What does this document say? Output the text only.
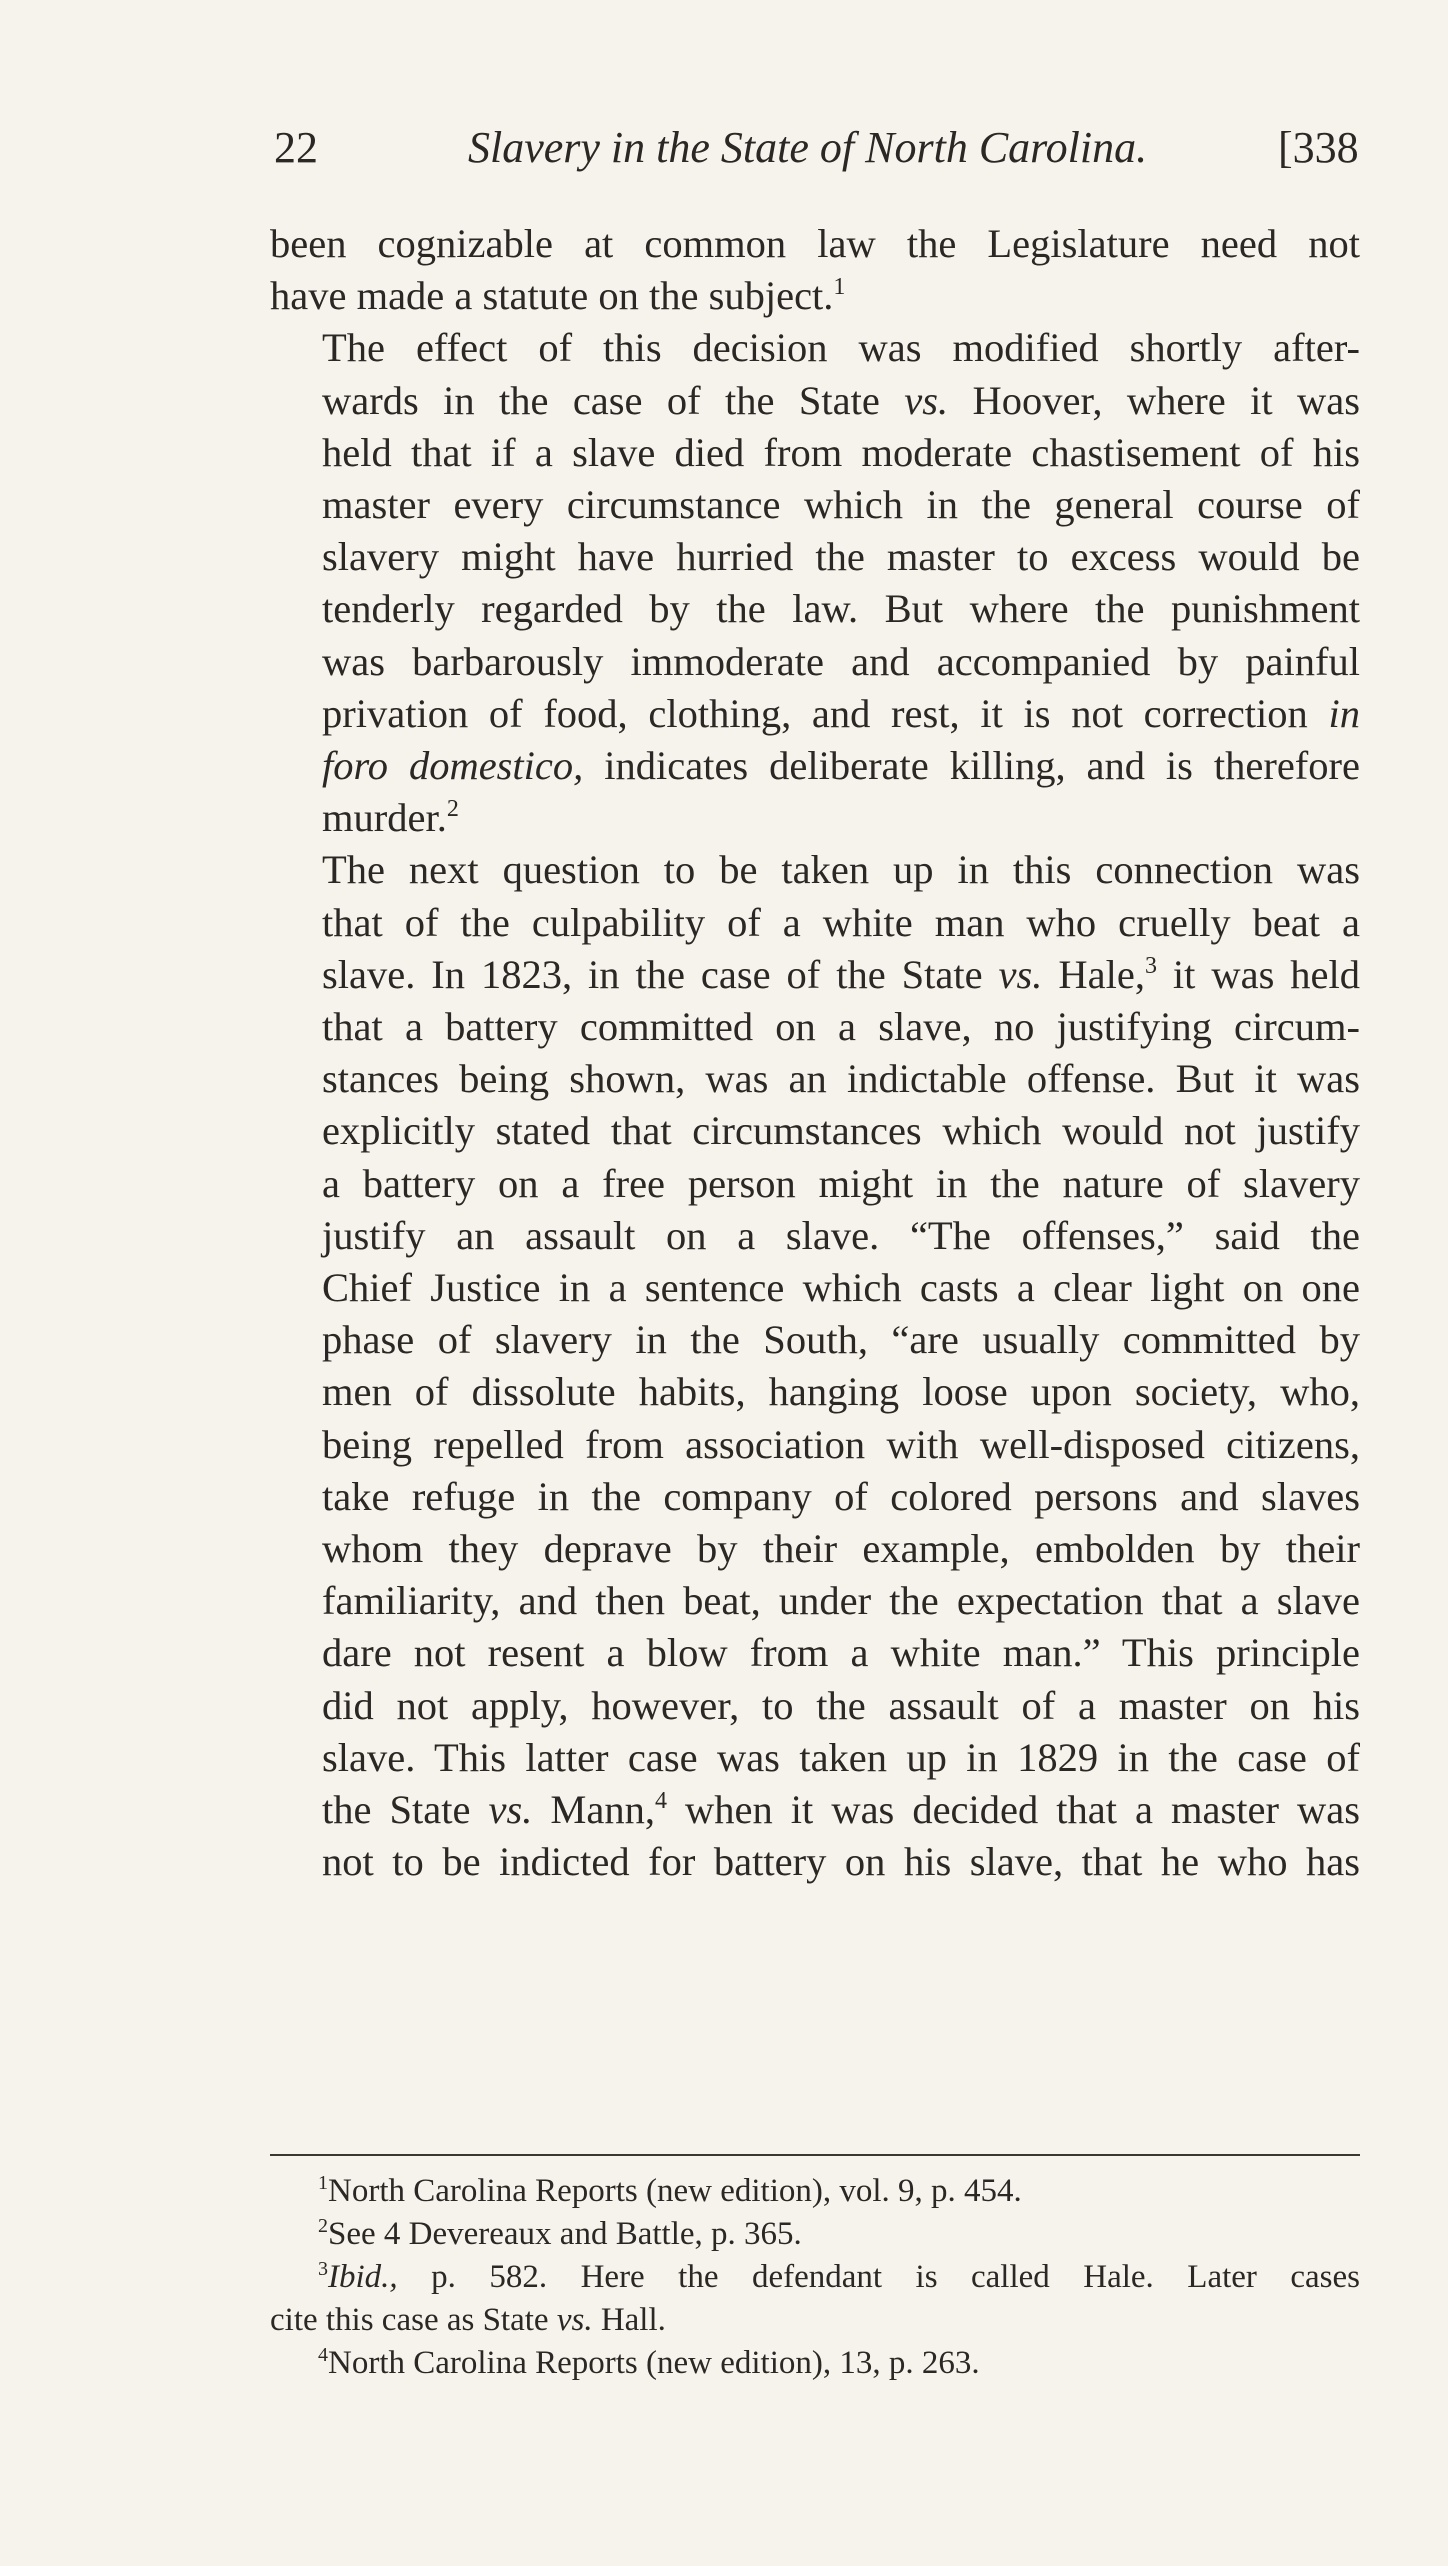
22	Slavery in the State of North Carolina.	[338

been cognizable at common law the Legislature need not
have made a statute on the subject.$^1$

The effect of this decision was modified shortly after-
wards in the case of the State vs. Hoover, where it was
held that if a slave died from moderate chastisement of his
master every circumstance which in the general course of
slavery might have hurried the master to excess would be
tenderly regarded by the law. But where the punishment
was barbarously immoderate and accompanied by painful
privation of food, clothing, and rest, it is not correction in
foro domestico, indicates deliberate killing, and is therefore
murder.$^2$

The next question to be taken up in this connection was
that of the culpability of a white man who cruelly beat a
slave. In 1823, in the case of the State vs. Hale,$^3$ it was held
that a battery committed on a slave, no justifying circum-
stances being shown, was an indictable offense. But it was
explicitly stated that circumstances which would not justify
a battery on a free person might in the nature of slavery
justify an assault on a slave. “The offenses,” said the
Chief Justice in a sentence which casts a clear light on one
phase of slavery in the South, “are usually committed by
men of dissolute habits, hanging loose upon society, who,
being repelled from association with well-disposed citizens,
take refuge in the company of colored persons and slaves
whom they deprave by their example, embolden by their
familiarity, and then beat, under the expectation that a slave
dare not resent a blow from a white man.” This principle
did not apply, however, to the assault of a master on his
slave. This latter case was taken up in 1829 in the case of
the State vs. Mann,$^4$ when it was decided that a master was
not to be indicted for battery on his slave, that he who has

$^1$North Carolina Reports (new edition), vol. 9, p. 454.
$^2$See 4 Devereaux and Battle, p. 365.
$^3$Ibid., p. 582. Here the defendant is called Hale. Later cases
cite this case as State vs. Hall.
$^4$North Carolina Reports (new edition), 13, p. 263.
